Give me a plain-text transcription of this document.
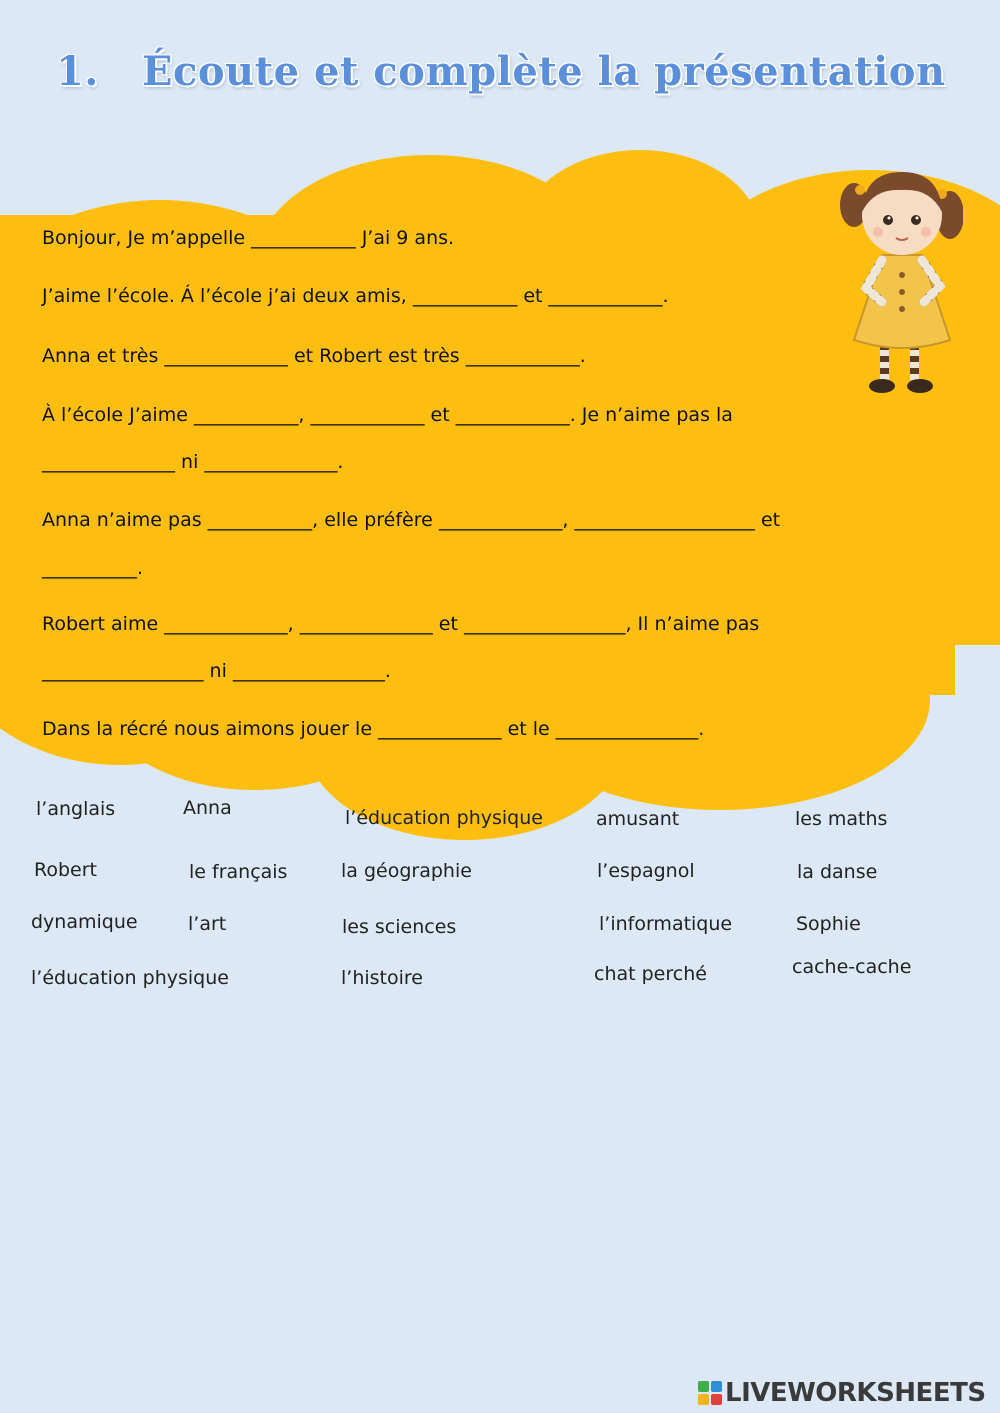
1. Écoute et complète la présentation

Bonjour, Je m’appelle ___________ J’ai 9 ans.

J’aime l’école. Á l’école j’ai deux amis, ___________ et ____________.

Anna et très _____________ et Robert est très ____________.

À l’école J’aime ___________, ____________ et ____________. Je n’aime pas la

______________ ni ______________.

Anna n’aime pas ___________, elle préfère _____________, ___________________ et

__________.

Robert aime _____________, ______________ et _________________, Il n’aime pas

_________________ ni ________________.

Dans la récré nous aimons jouer le _____________ et le _______________.

l’anglais	Anna	l’éducation physique	amusant	les maths
Robert	le français	la géographie	l’espagnol	la danse
dynamique	l’art	les sciences	l’informatique	Sophie
l’éducation physique	l’histoire	chat perché	cache-cache
LIVEWORKSHEETS
